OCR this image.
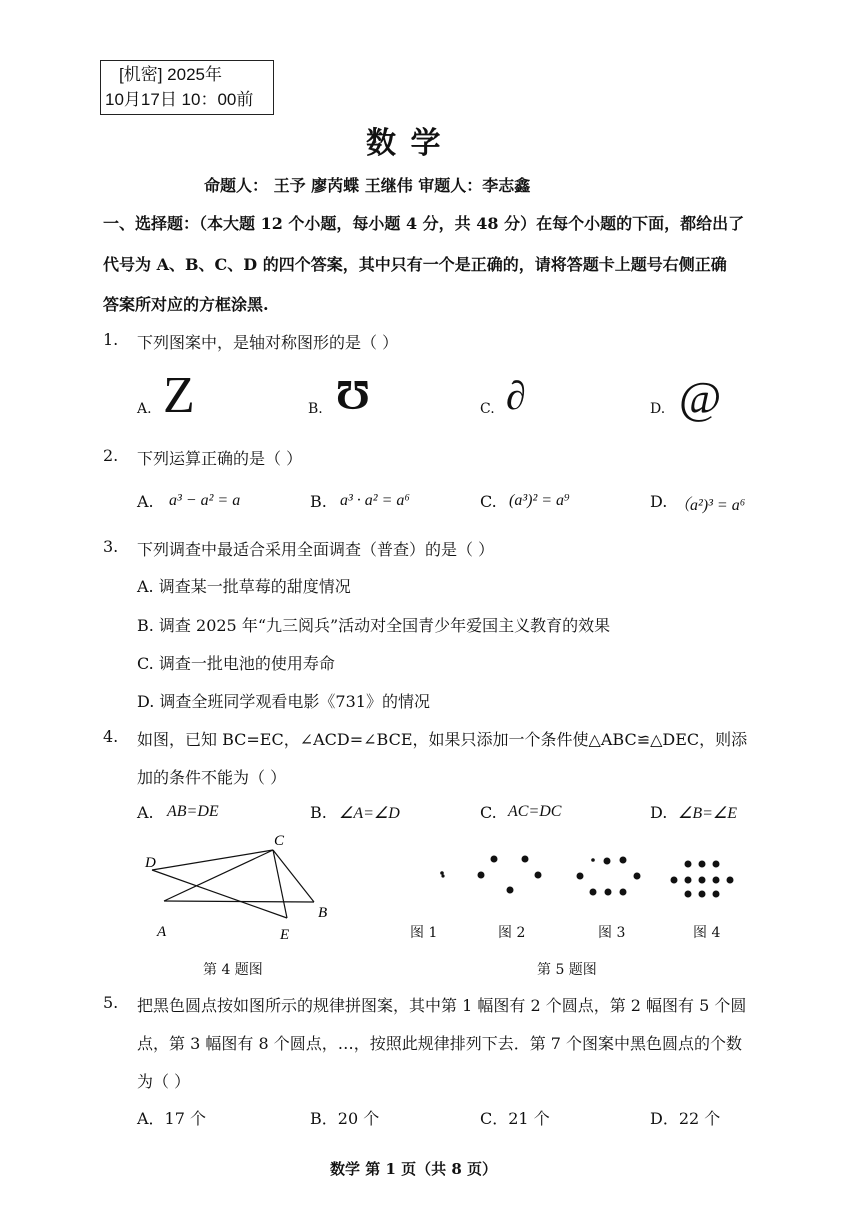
[机密] 2025年
10月17日 10：00前
数 学
命题人： 王予 廖芮蝶 王继伟 审题人：李志鑫
一、选择题：（本大题 12 个小题，每小题 4 分，共 48 分）在每个小题的下面，都给出了
代号为 A、B、C、D 的四个答案，其中只有一个是正确的，请将答题卡上题号右侧正确
答案所对应的方框涂黑.
1. 下列图案中，是轴对称图形的是（ ）
A. Z	B. Ʊ	C. ∂	D. @
2. 下列运算正确的是（ ）
A. a³ − a² = a	B. a³ · a² = a⁶	C. (a³)² = a⁹	D. （a²)³ = a⁶
3. 下列调查中最适合采用全面调查（普查）的是（ ）
A. 调查某一批草莓的甜度情况
B. 调查 2025 年“九三阅兵”活动对全国青少年爱国主义教育的效果
C. 调查一批电池的使用寿命
D. 调查全班同学观看电影《731》的情况
4. 如图，已知 BC=EC，∠ACD=∠BCE，如果只添加一个条件使△ABC≌△DEC，则添
加的条件不能为（ ）
A. AB=DE	B. ∠A=∠D	C. AC=DC	D. ∠B=∠E
C
D
B
A	E
第 4 题图
图 1	图 2	图 3	图 4
第 5 题图
5. 把黑色圆点按如图所示的规律拼图案，其中第 1 幅图有 2 个圆点，第 2 幅图有 5 个圆
点，第 3 幅图有 8 个圆点，…，按照此规律排列下去．第 7 个图案中黑色圆点的个数
为（ ）
A．17 个	B．20 个	C．21 个	D．22 个
数学 第 1 页（共 8 页）
